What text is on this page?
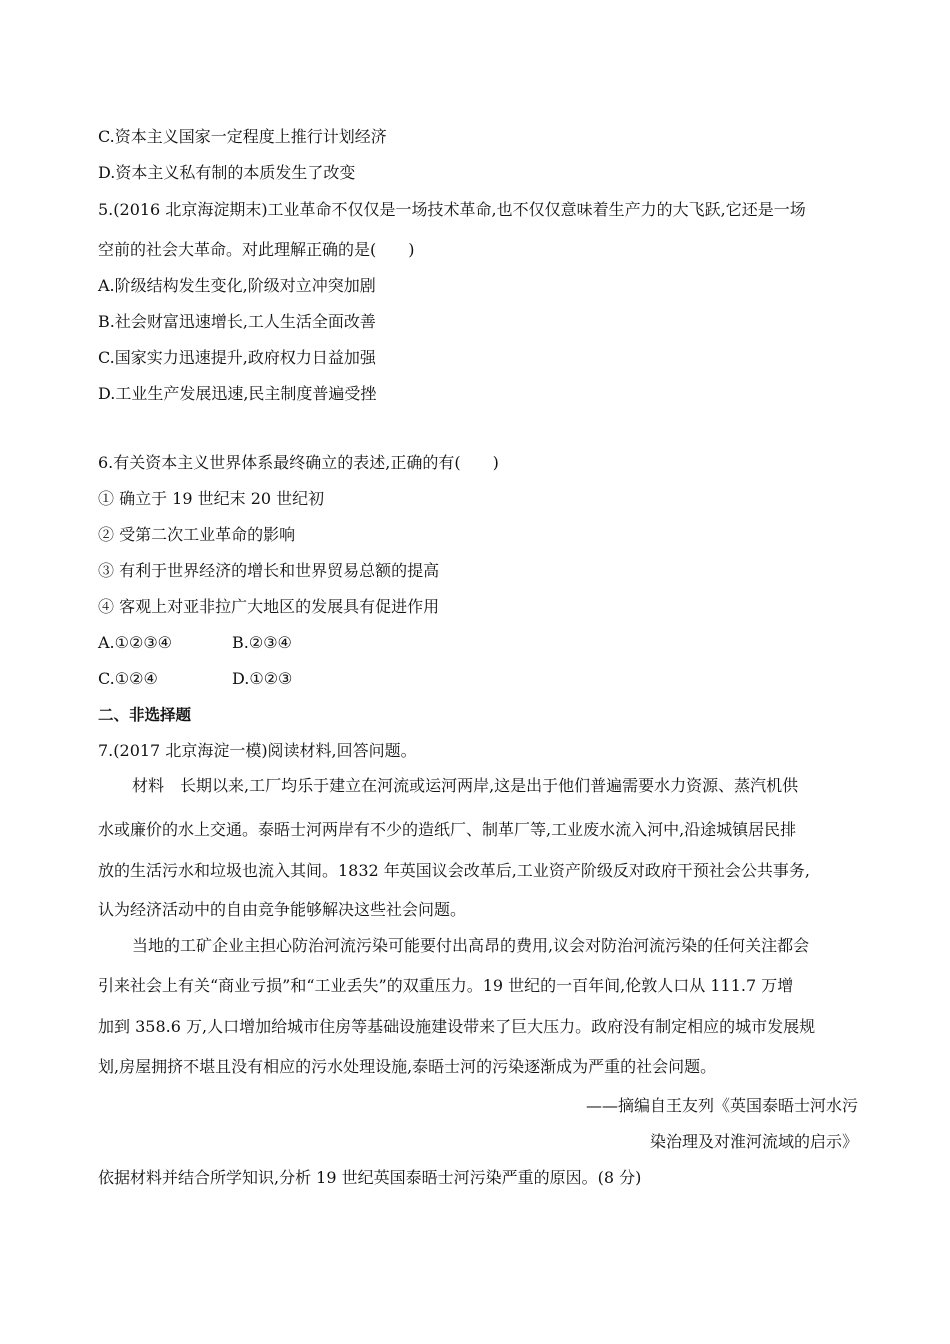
C.资本主义国家一定程度上推行计划经济
D.资本主义私有制的本质发生了改变
5.(2016 北京海淀期末)工业革命不仅仅是一场技术革命,也不仅仅意味着生产力的大飞跃,它还是一场
空前的社会大革命。对此理解正确的是(　　)
A.阶级结构发生变化,阶级对立冲突加剧
B.社会财富迅速增长,工人生活全面改善
C.国家实力迅速提升,政府权力日益加强
D.工业生产发展迅速,民主制度普遍受挫
6.有关资本主义世界体系最终确立的表述,正确的有(　　)
① 确立于 19 世纪末 20 世纪初
② 受第二次工业革命的影响
③ 有利于世界经济的增长和世界贸易总额的提高
④ 客观上对亚非拉广大地区的发展具有促进作用
A.①②③④	B.②③④
C.①②④	D.①②③
二、非选择题
7.(2017 北京海淀一模)阅读材料,回答问题。
材料　长期以来,工厂均乐于建立在河流或运河两岸,这是出于他们普遍需要水力资源、蒸汽机供
水或廉价的水上交通。泰晤士河两岸有不少的造纸厂、制革厂等,工业废水流入河中,沿途城镇居民排
放的生活污水和垃圾也流入其间。1832 年英国议会改革后,工业资产阶级反对政府干预社会公共事务,
认为经济活动中的自由竞争能够解决这些社会问题。
当地的工矿企业主担心防治河流污染可能要付出高昂的费用,议会对防治河流污染的任何关注都会
引来社会上有关“商业亏损”和“工业丢失”的双重压力。19 世纪的一百年间,伦敦人口从 111.7 万增
加到 358.6 万,人口增加给城市住房等基础设施建设带来了巨大压力。政府没有制定相应的城市发展规
划,房屋拥挤不堪且没有相应的污水处理设施,泰晤士河的污染逐渐成为严重的社会问题。
——摘编自王友列《英国泰晤士河水污
染治理及对淮河流域的启示》
依据材料并结合所学知识,分析 19 世纪英国泰晤士河污染严重的原因。(8 分)
